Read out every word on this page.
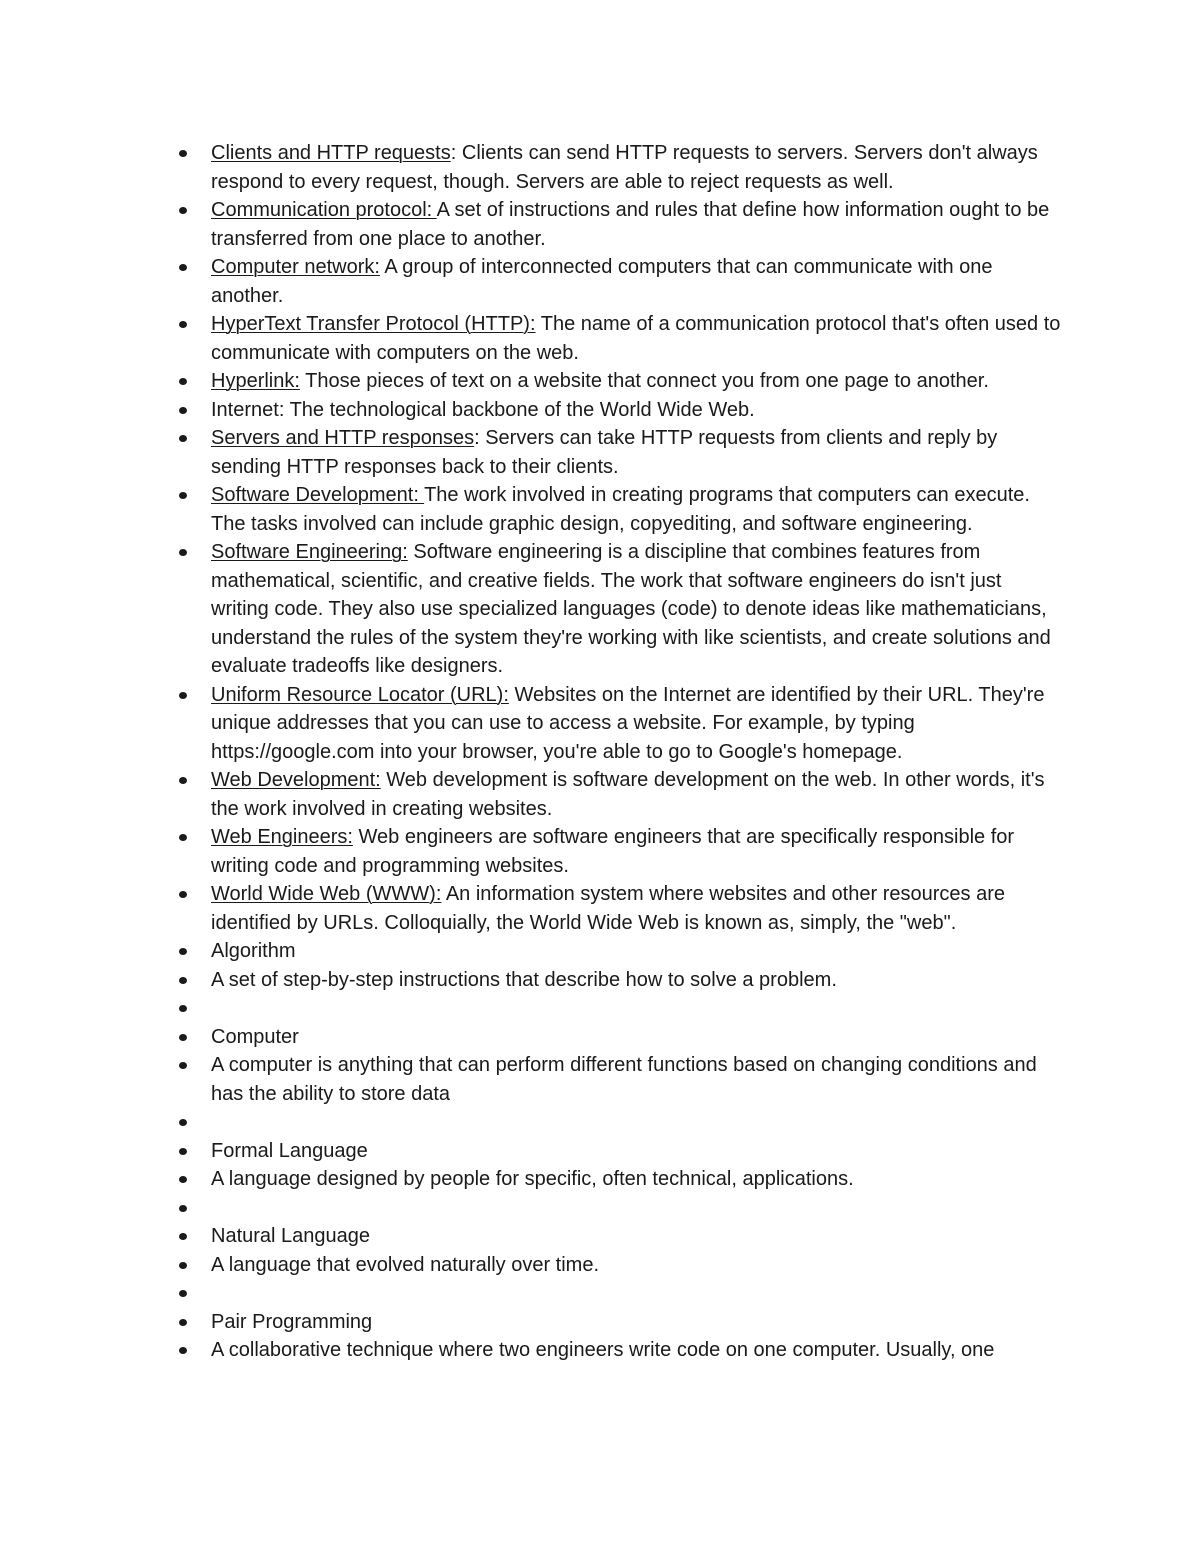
Clients and HTTP requests: Clients can send HTTP requests to servers. Servers don't always respond to every request, though. Servers are able to reject requests as well.
Communication protocol: A set of instructions and rules that define how information ought to be transferred from one place to another.
Computer network: A group of interconnected computers that can communicate with one another.
HyperText Transfer Protocol (HTTP): The name of a communication protocol that's often used to communicate with computers on the web.
Hyperlink: Those pieces of text on a website that connect you from one page to another.
Internet: The technological backbone of the World Wide Web.
Servers and HTTP responses: Servers can take HTTP requests from clients and reply by sending HTTP responses back to their clients.
Software Development: The work involved in creating programs that computers can execute. The tasks involved can include graphic design, copyediting, and software engineering.
Software Engineering: Software engineering is a discipline that combines features from mathematical, scientific, and creative fields. The work that software engineers do isn't just writing code. They also use specialized languages (code) to denote ideas like mathematicians, understand the rules of the system they're working with like scientists, and create solutions and evaluate tradeoffs like designers.
Uniform Resource Locator (URL): Websites on the Internet are identified by their URL. They're unique addresses that you can use to access a website. For example, by typing https://google.com into your browser, you're able to go to Google's homepage.
Web Development: Web development is software development on the web. In other words, it's the work involved in creating websites.
Web Engineers: Web engineers are software engineers that are specifically responsible for writing code and programming websites.
World Wide Web (WWW): An information system where websites and other resources are identified by URLs. Colloquially, the World Wide Web is known as, simply, the "web".
Algorithm
A set of step-by-step instructions that describe how to solve a problem.
Computer
A computer is anything that can perform different functions based on changing conditions and has the ability to store data
Formal Language
A language designed by people for specific, often technical, applications.
Natural Language
A language that evolved naturally over time.
Pair Programming
A collaborative technique where two engineers write code on one computer. Usually, one
